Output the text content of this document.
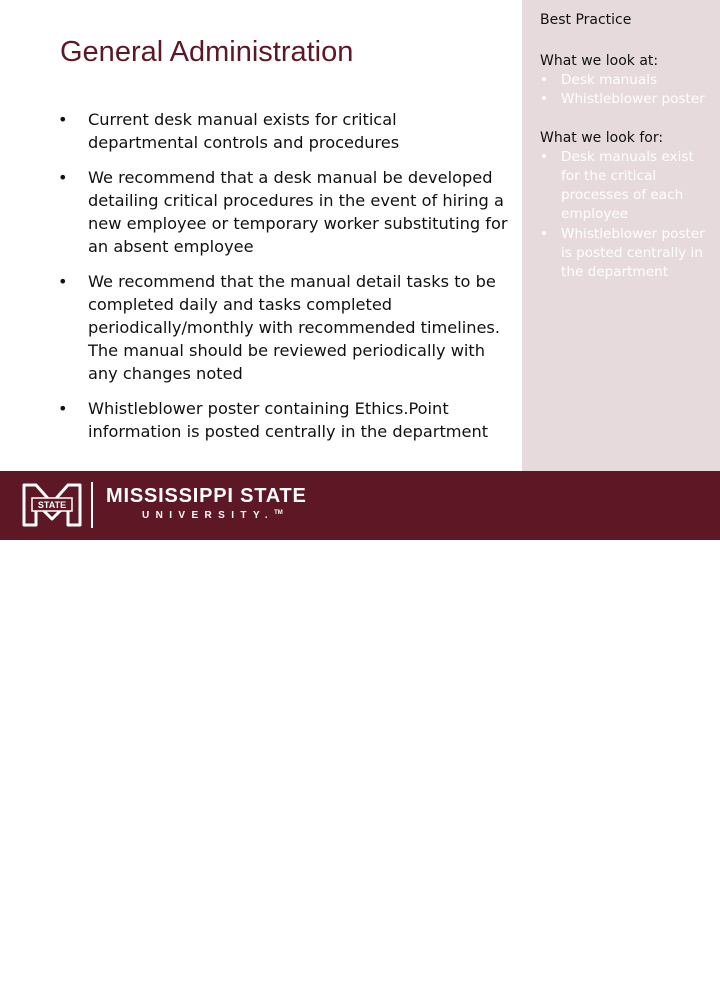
General Administration
• Current desk manual exists for critical departmental controls and procedures
• We recommend that a desk manual be developed detailing critical procedures in the event of hiring a new employee or temporary worker substituting for an absent employee
• We recommend that the manual detail tasks to be completed daily and tasks completed periodically/monthly with recommended timelines. The manual should be reviewed periodically with any changes noted
• Whistleblower poster containing Ethics.Point information is posted centrally in the department

Best Practice

What we look at:

• Desk manuals
• Whistleblower poster

What we look for:

• Desk manuals exist for the critical processes of each employee
• Whistleblower poster is posted centrally in the department
STATE MISSISSIPPI STATE
UNIVERSITY.™
Trust but Verify
